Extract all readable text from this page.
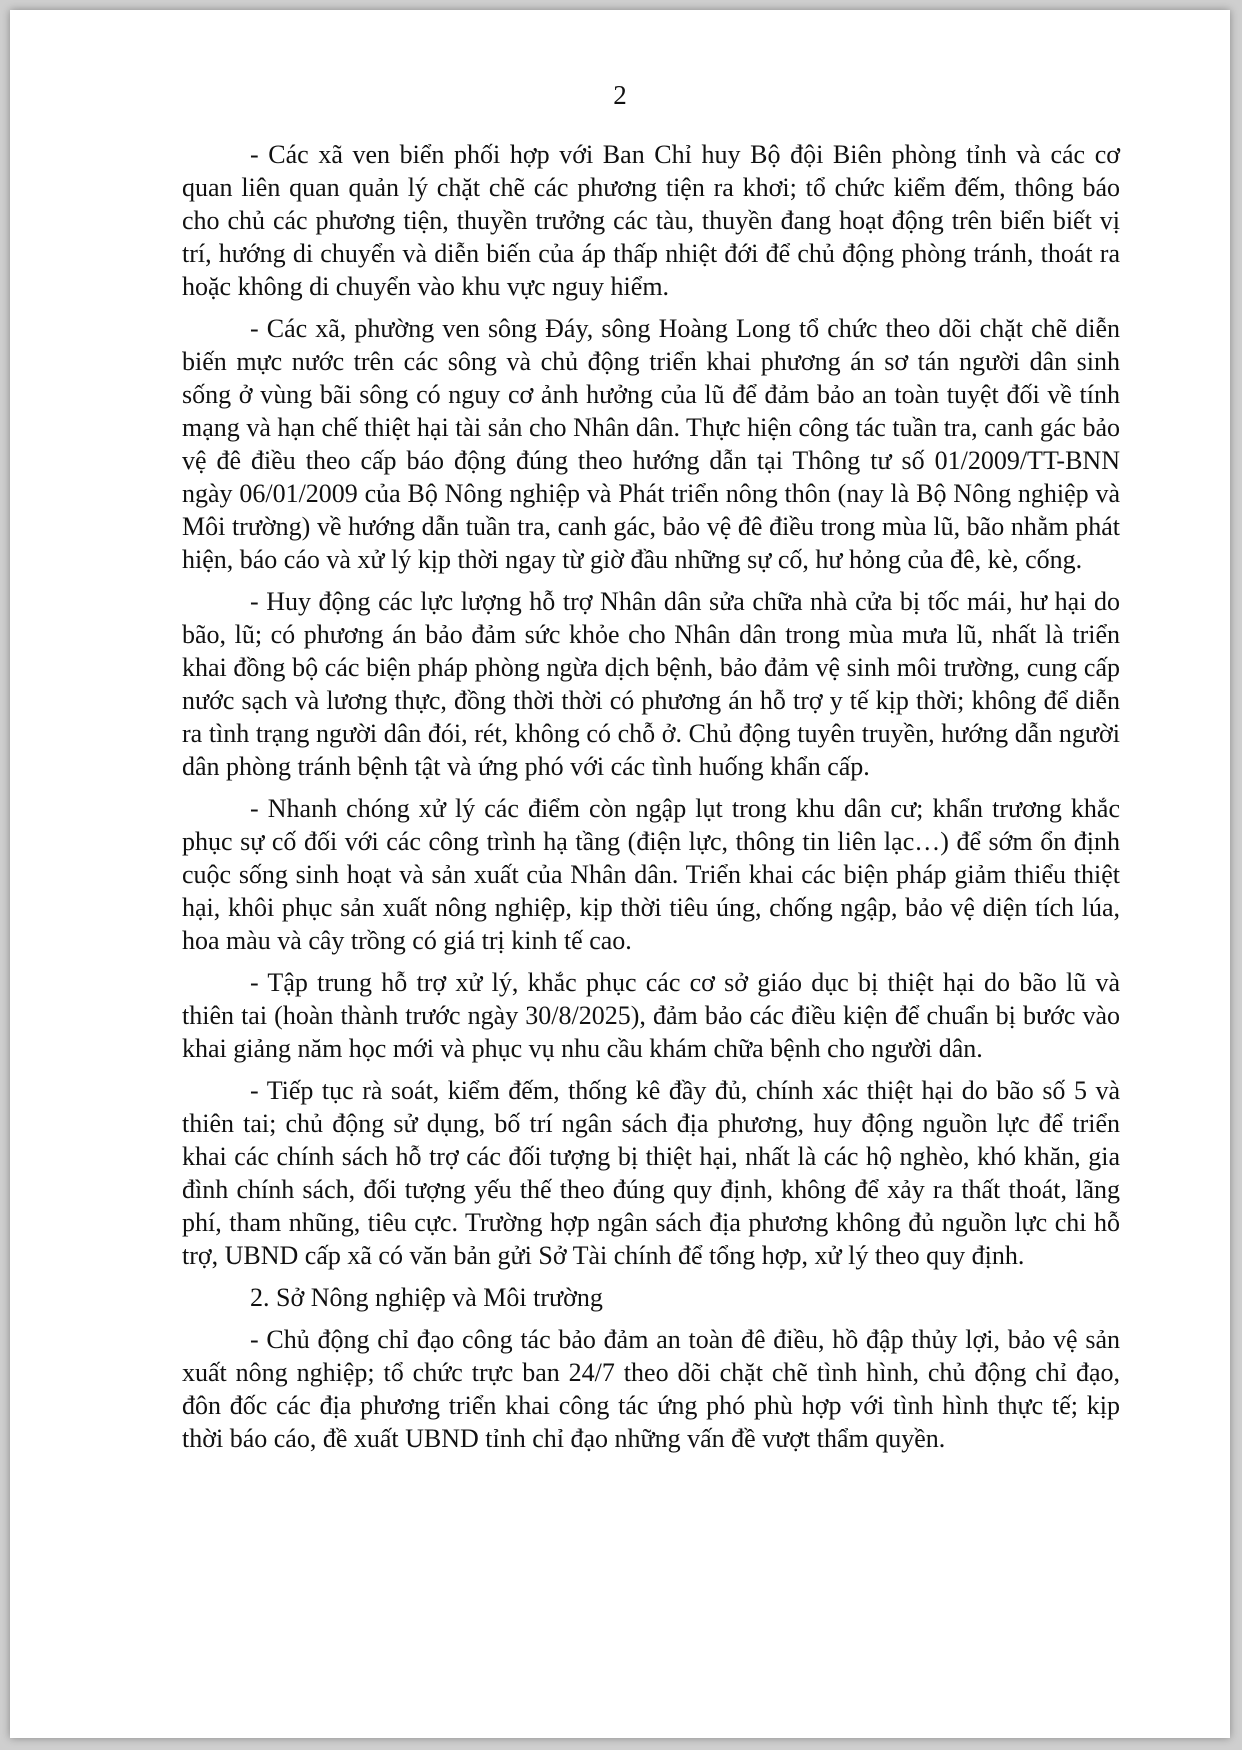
2

- Các xã ven biển phối hợp với Ban Chỉ huy Bộ đội Biên phòng tỉnh và các cơ quan liên quan quản lý chặt chẽ các phương tiện ra khơi; tổ chức kiểm đếm, thông báo cho chủ các phương tiện, thuyền trưởng các tàu, thuyền đang hoạt động trên biển biết vị trí, hướng di chuyển và diễn biến của áp thấp nhiệt đới để chủ động phòng tránh, thoát ra hoặc không di chuyển vào khu vực nguy hiểm.

- Các xã, phường ven sông Đáy, sông Hoàng Long tổ chức theo dõi chặt chẽ diễn biến mực nước trên các sông và chủ động triển khai phương án sơ tán người dân sinh sống ở vùng bãi sông có nguy cơ ảnh hưởng của lũ để đảm bảo an toàn tuyệt đối về tính mạng và hạn chế thiệt hại tài sản cho Nhân dân. Thực hiện công tác tuần tra, canh gác bảo vệ đê điều theo cấp báo động đúng theo hướng dẫn tại Thông tư số 01/2009/TT-BNN ngày 06/01/2009 của Bộ Nông nghiệp và Phát triển nông thôn (nay là Bộ Nông nghiệp và Môi trường) về hướng dẫn tuần tra, canh gác, bảo vệ đê điều trong mùa lũ, bão nhằm phát hiện, báo cáo và xử lý kịp thời ngay từ giờ đầu những sự cố, hư hỏng của đê, kè, cống.

- Huy động các lực lượng hỗ trợ Nhân dân sửa chữa nhà cửa bị tốc mái, hư hại do bão, lũ; có phương án bảo đảm sức khỏe cho Nhân dân trong mùa mưa lũ, nhất là triển khai đồng bộ các biện pháp phòng ngừa dịch bệnh, bảo đảm vệ sinh môi trường, cung cấp nước sạch và lương thực, đồng thời thời có phương án hỗ trợ y tế kịp thời; không để diễn ra tình trạng người dân đói, rét, không có chỗ ở. Chủ động tuyên truyền, hướng dẫn người dân phòng tránh bệnh tật và ứng phó với các tình huống khẩn cấp.

- Nhanh chóng xử lý các điểm còn ngập lụt trong khu dân cư; khẩn trương khắc phục sự cố đối với các công trình hạ tầng (điện lực, thông tin liên lạc…) để sớm ổn định cuộc sống sinh hoạt và sản xuất của Nhân dân. Triển khai các biện pháp giảm thiểu thiệt hại, khôi phục sản xuất nông nghiệp, kịp thời tiêu úng, chống ngập, bảo vệ diện tích lúa, hoa màu và cây trồng có giá trị kinh tế cao.

- Tập trung hỗ trợ xử lý, khắc phục các cơ sở giáo dục bị thiệt hại do bão lũ và thiên tai (hoàn thành trước ngày 30/8/2025), đảm bảo các điều kiện để chuẩn bị bước vào khai giảng năm học mới và phục vụ nhu cầu khám chữa bệnh cho người dân.

- Tiếp tục rà soát, kiểm đếm, thống kê đầy đủ, chính xác thiệt hại do bão số 5 và thiên tai; chủ động sử dụng, bố trí ngân sách địa phương, huy động nguồn lực để triển khai các chính sách hỗ trợ các đối tượng bị thiệt hại, nhất là các hộ nghèo, khó khăn, gia đình chính sách, đối tượng yếu thế theo đúng quy định, không để xảy ra thất thoát, lãng phí, tham nhũng, tiêu cực. Trường hợp ngân sách địa phương không đủ nguồn lực chi hỗ trợ, UBND cấp xã có văn bản gửi Sở Tài chính để tổng hợp, xử lý theo quy định.

2. Sở Nông nghiệp và Môi trường

- Chủ động chỉ đạo công tác bảo đảm an toàn đê điều, hồ đập thủy lợi, bảo vệ sản xuất nông nghiệp; tổ chức trực ban 24/7 theo dõi chặt chẽ tình hình, chủ động chỉ đạo, đôn đốc các địa phương triển khai công tác ứng phó phù hợp với tình hình thực tế; kịp thời báo cáo, đề xuất UBND tỉnh chỉ đạo những vấn đề vượt thẩm quyền.
